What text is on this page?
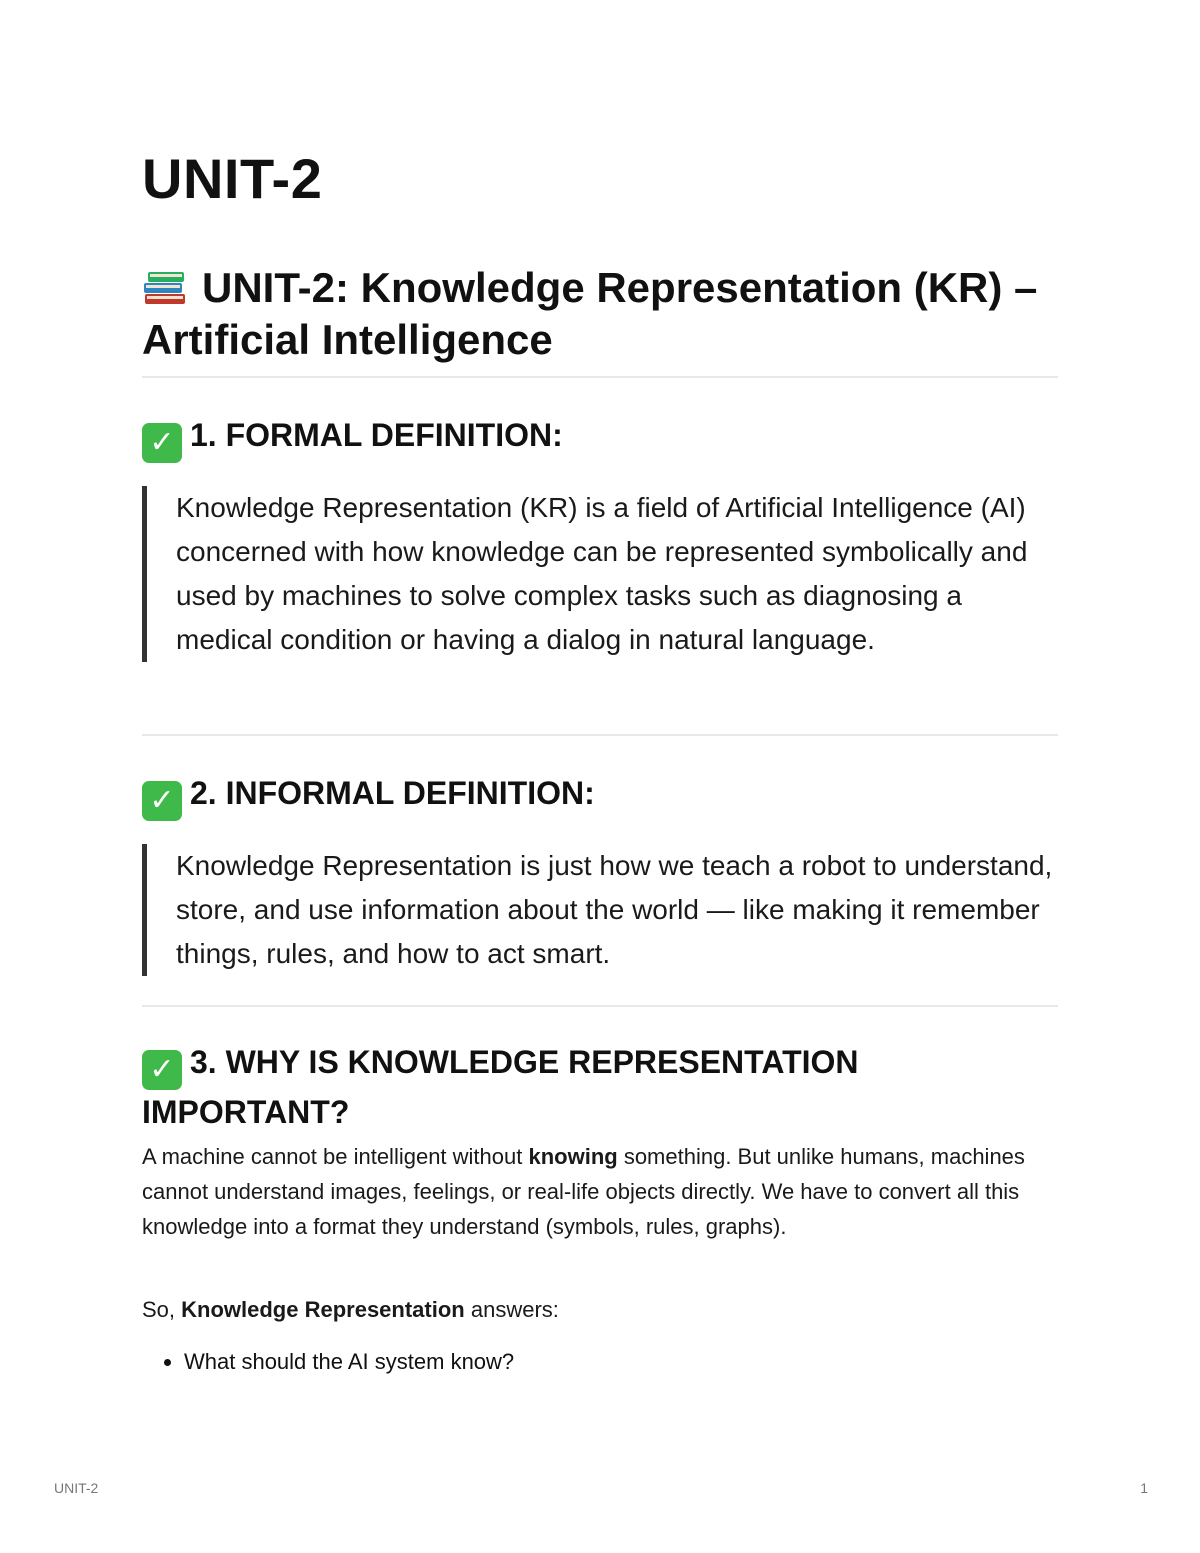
UNIT-2
UNIT-2: Knowledge Representation (KR) – Artificial Intelligence
✓ 1. FORMAL DEFINITION:
Knowledge Representation (KR) is a field of Artificial Intelligence (AI) concerned with how knowledge can be represented symbolically and used by machines to solve complex tasks such as diagnosing a medical condition or having a dialog in natural language.
✓ 2. INFORMAL DEFINITION:
Knowledge Representation is just how we teach a robot to understand, store, and use information about the world — like making it remember things, rules, and how to act smart.
✓ 3. WHY IS KNOWLEDGE REPRESENTATION IMPORTANT?

A machine cannot be intelligent without knowing something. But unlike humans, machines cannot understand images, feelings, or real-life objects directly. We have to convert all this knowledge into a format they understand (symbols, rules, graphs).

So, Knowledge Representation answers:

• What should the AI system know?
UNIT-2	1
